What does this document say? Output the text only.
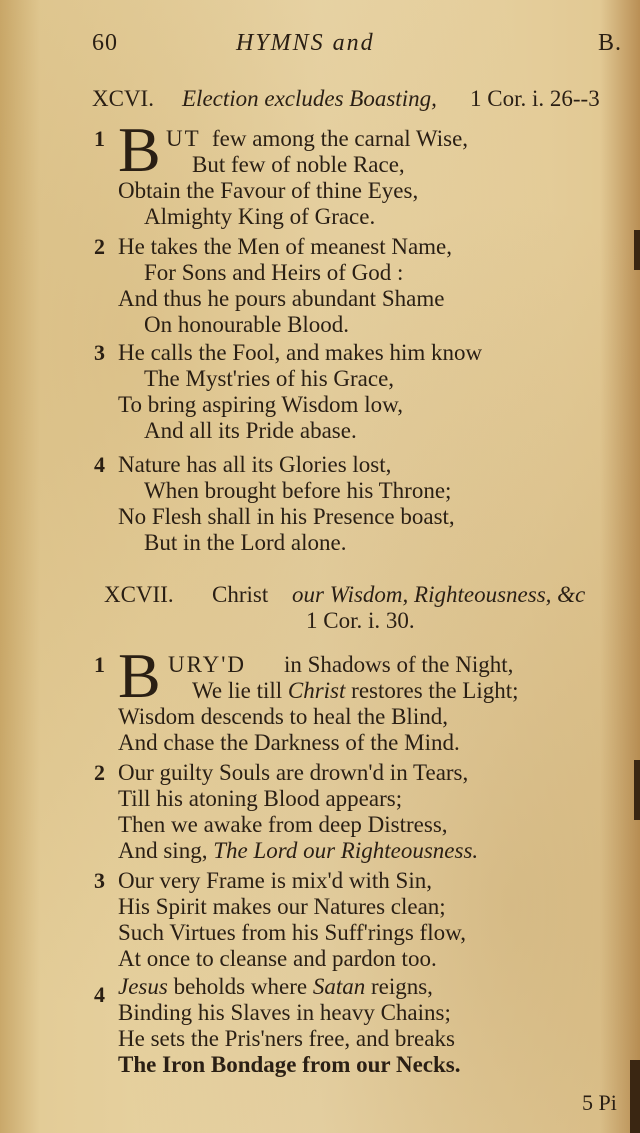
60	HYMNS and	B.
XCVI. Election excludes Boasting, 1 Cor. i. 26--3
1 B UT few among the carnal Wise,
But few of noble Race,
Obtain the Favour of thine Eyes,
Almighty King of Grace.
2 He takes the Men of meanest Name,
For Sons and Heirs of God :
And thus he pours abundant Shame
On honourable Blood.
3 He calls the Fool, and makes him know
The Myst'ries of his Grace,
To bring aspiring Wisdom low,
And all its Pride abase.
4 Nature has all its Glories lost,
When brought before his Throne;
No Flesh shall in his Presence boast,
But in the Lord alone.
XCVII. Christ our Wisdom, Righteousness, &c
1 Cor. i. 30.
1 B URY'D in Shadows of the Night,
We lie till Christ restores the Light;
Wisdom descends to heal the Blind,
And chase the Darkness of the Mind.
2 Our guilty Souls are drown'd in Tears,
Till his atoning Blood appears;
Then we awake from deep Distress,
And sing, The Lord our Righteousness.
3 Our very Frame is mix'd with Sin,
His Spirit makes our Natures clean;
Such Virtues from his Suff'rings flow,
At once to cleanse and pardon too.
4 Jesus beholds where Satan reigns,
Binding his Slaves in heavy Chains;
He sets the Pris'ners free, and breaks
The Iron Bondage from our Necks.
5 Pi
